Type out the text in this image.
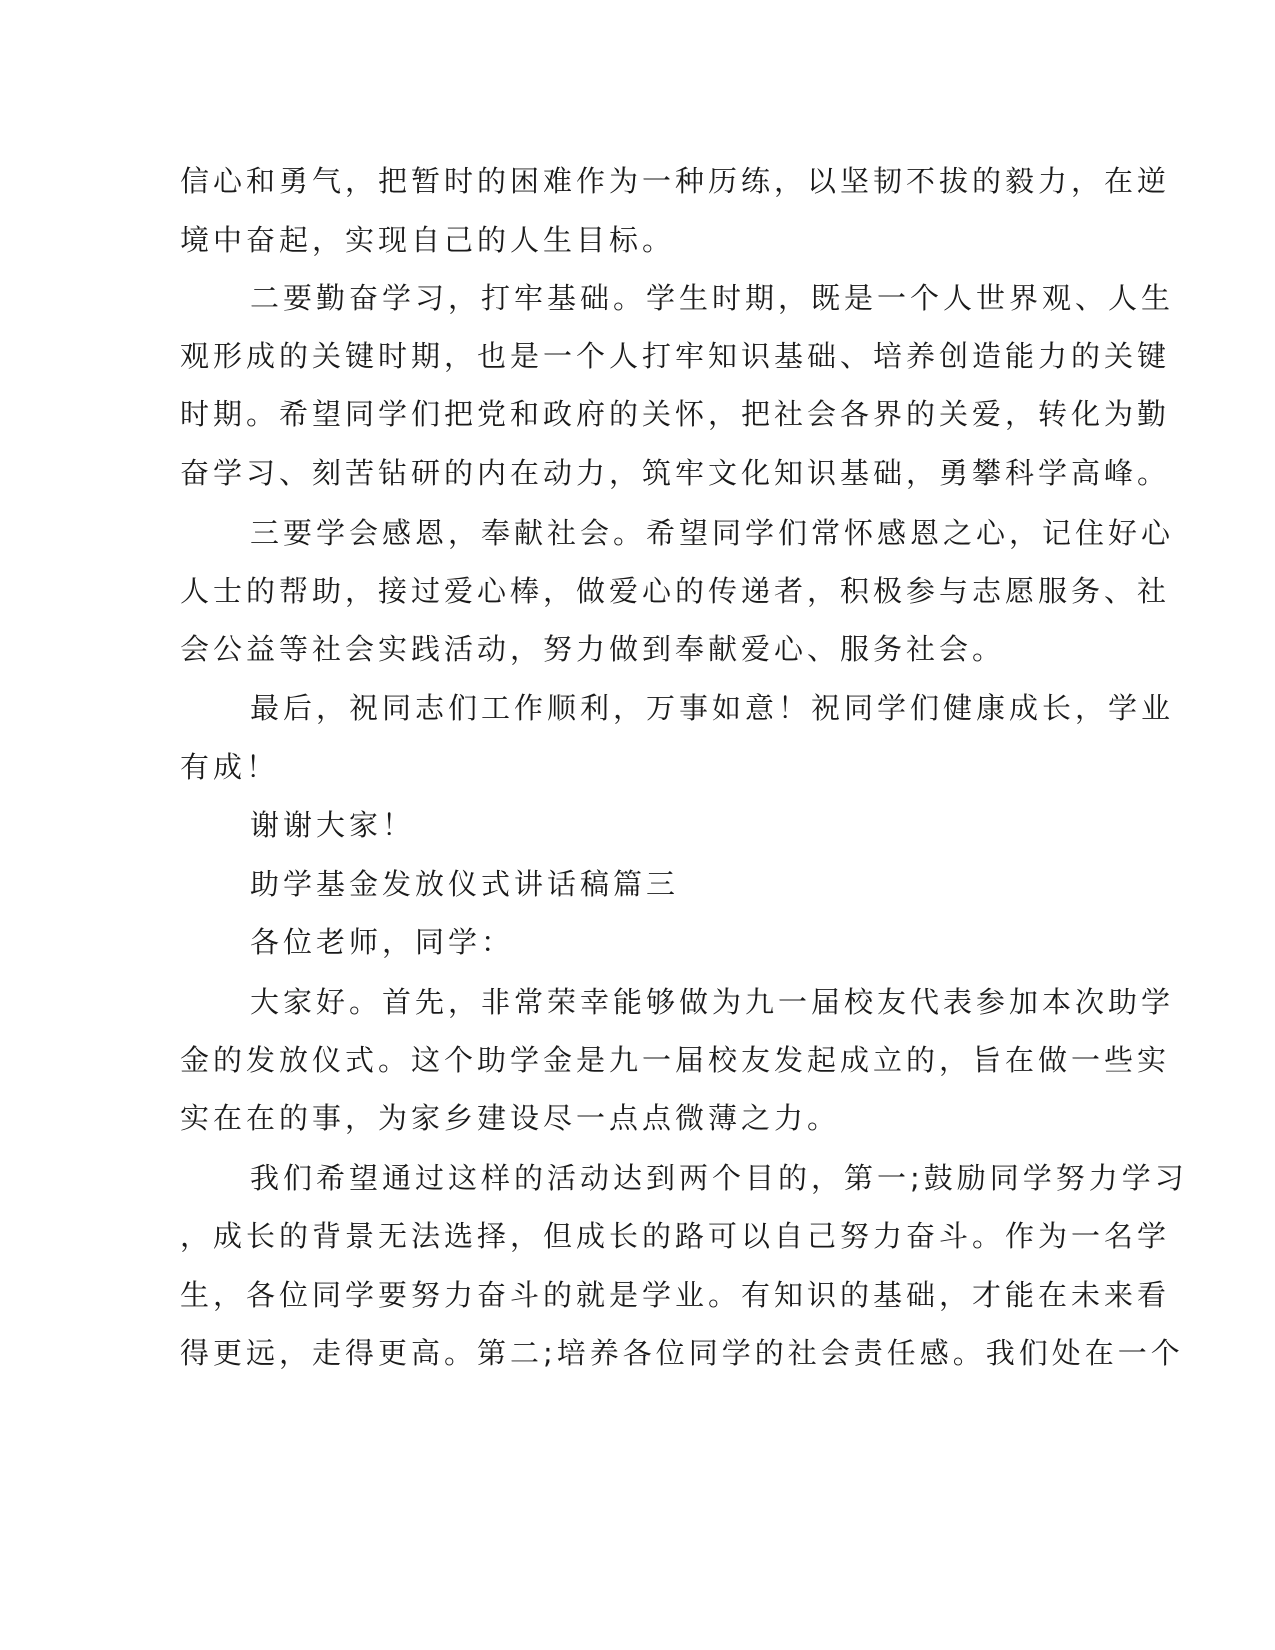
信心和勇气，把暂时的困难作为一种历练，以坚韧不拔的毅力，在逆
境中奋起，实现自己的人生目标。
二要勤奋学习，打牢基础。学生时期，既是一个人世界观、人生
观形成的关键时期，也是一个人打牢知识基础、培养创造能力的关键
时期。希望同学们把党和政府的关怀，把社会各界的关爱，转化为勤
奋学习、刻苦钻研的内在动力，筑牢文化知识基础，勇攀科学高峰。
三要学会感恩，奉献社会。希望同学们常怀感恩之心，记住好心
人士的帮助，接过爱心棒，做爱心的传递者，积极参与志愿服务、社
会公益等社会实践活动，努力做到奉献爱心、服务社会。
最后，祝同志们工作顺利，万事如意！祝同学们健康成长，学业
有成！
谢谢大家！
助学基金发放仪式讲话稿篇三
各位老师，同学：
大家好。首先，非常荣幸能够做为九一届校友代表参加本次助学
金的发放仪式。这个助学金是九一届校友发起成立的，旨在做一些实
实在在的事，为家乡建设尽一点点微薄之力。
我们希望通过这样的活动达到两个目的，第一;鼓励同学努力学习
，成长的背景无法选择，但成长的路可以自己努力奋斗。作为一名学
生，各位同学要努力奋斗的就是学业。有知识的基础，才能在未来看
得更远，走得更高。第二;培养各位同学的社会责任感。我们处在一个
